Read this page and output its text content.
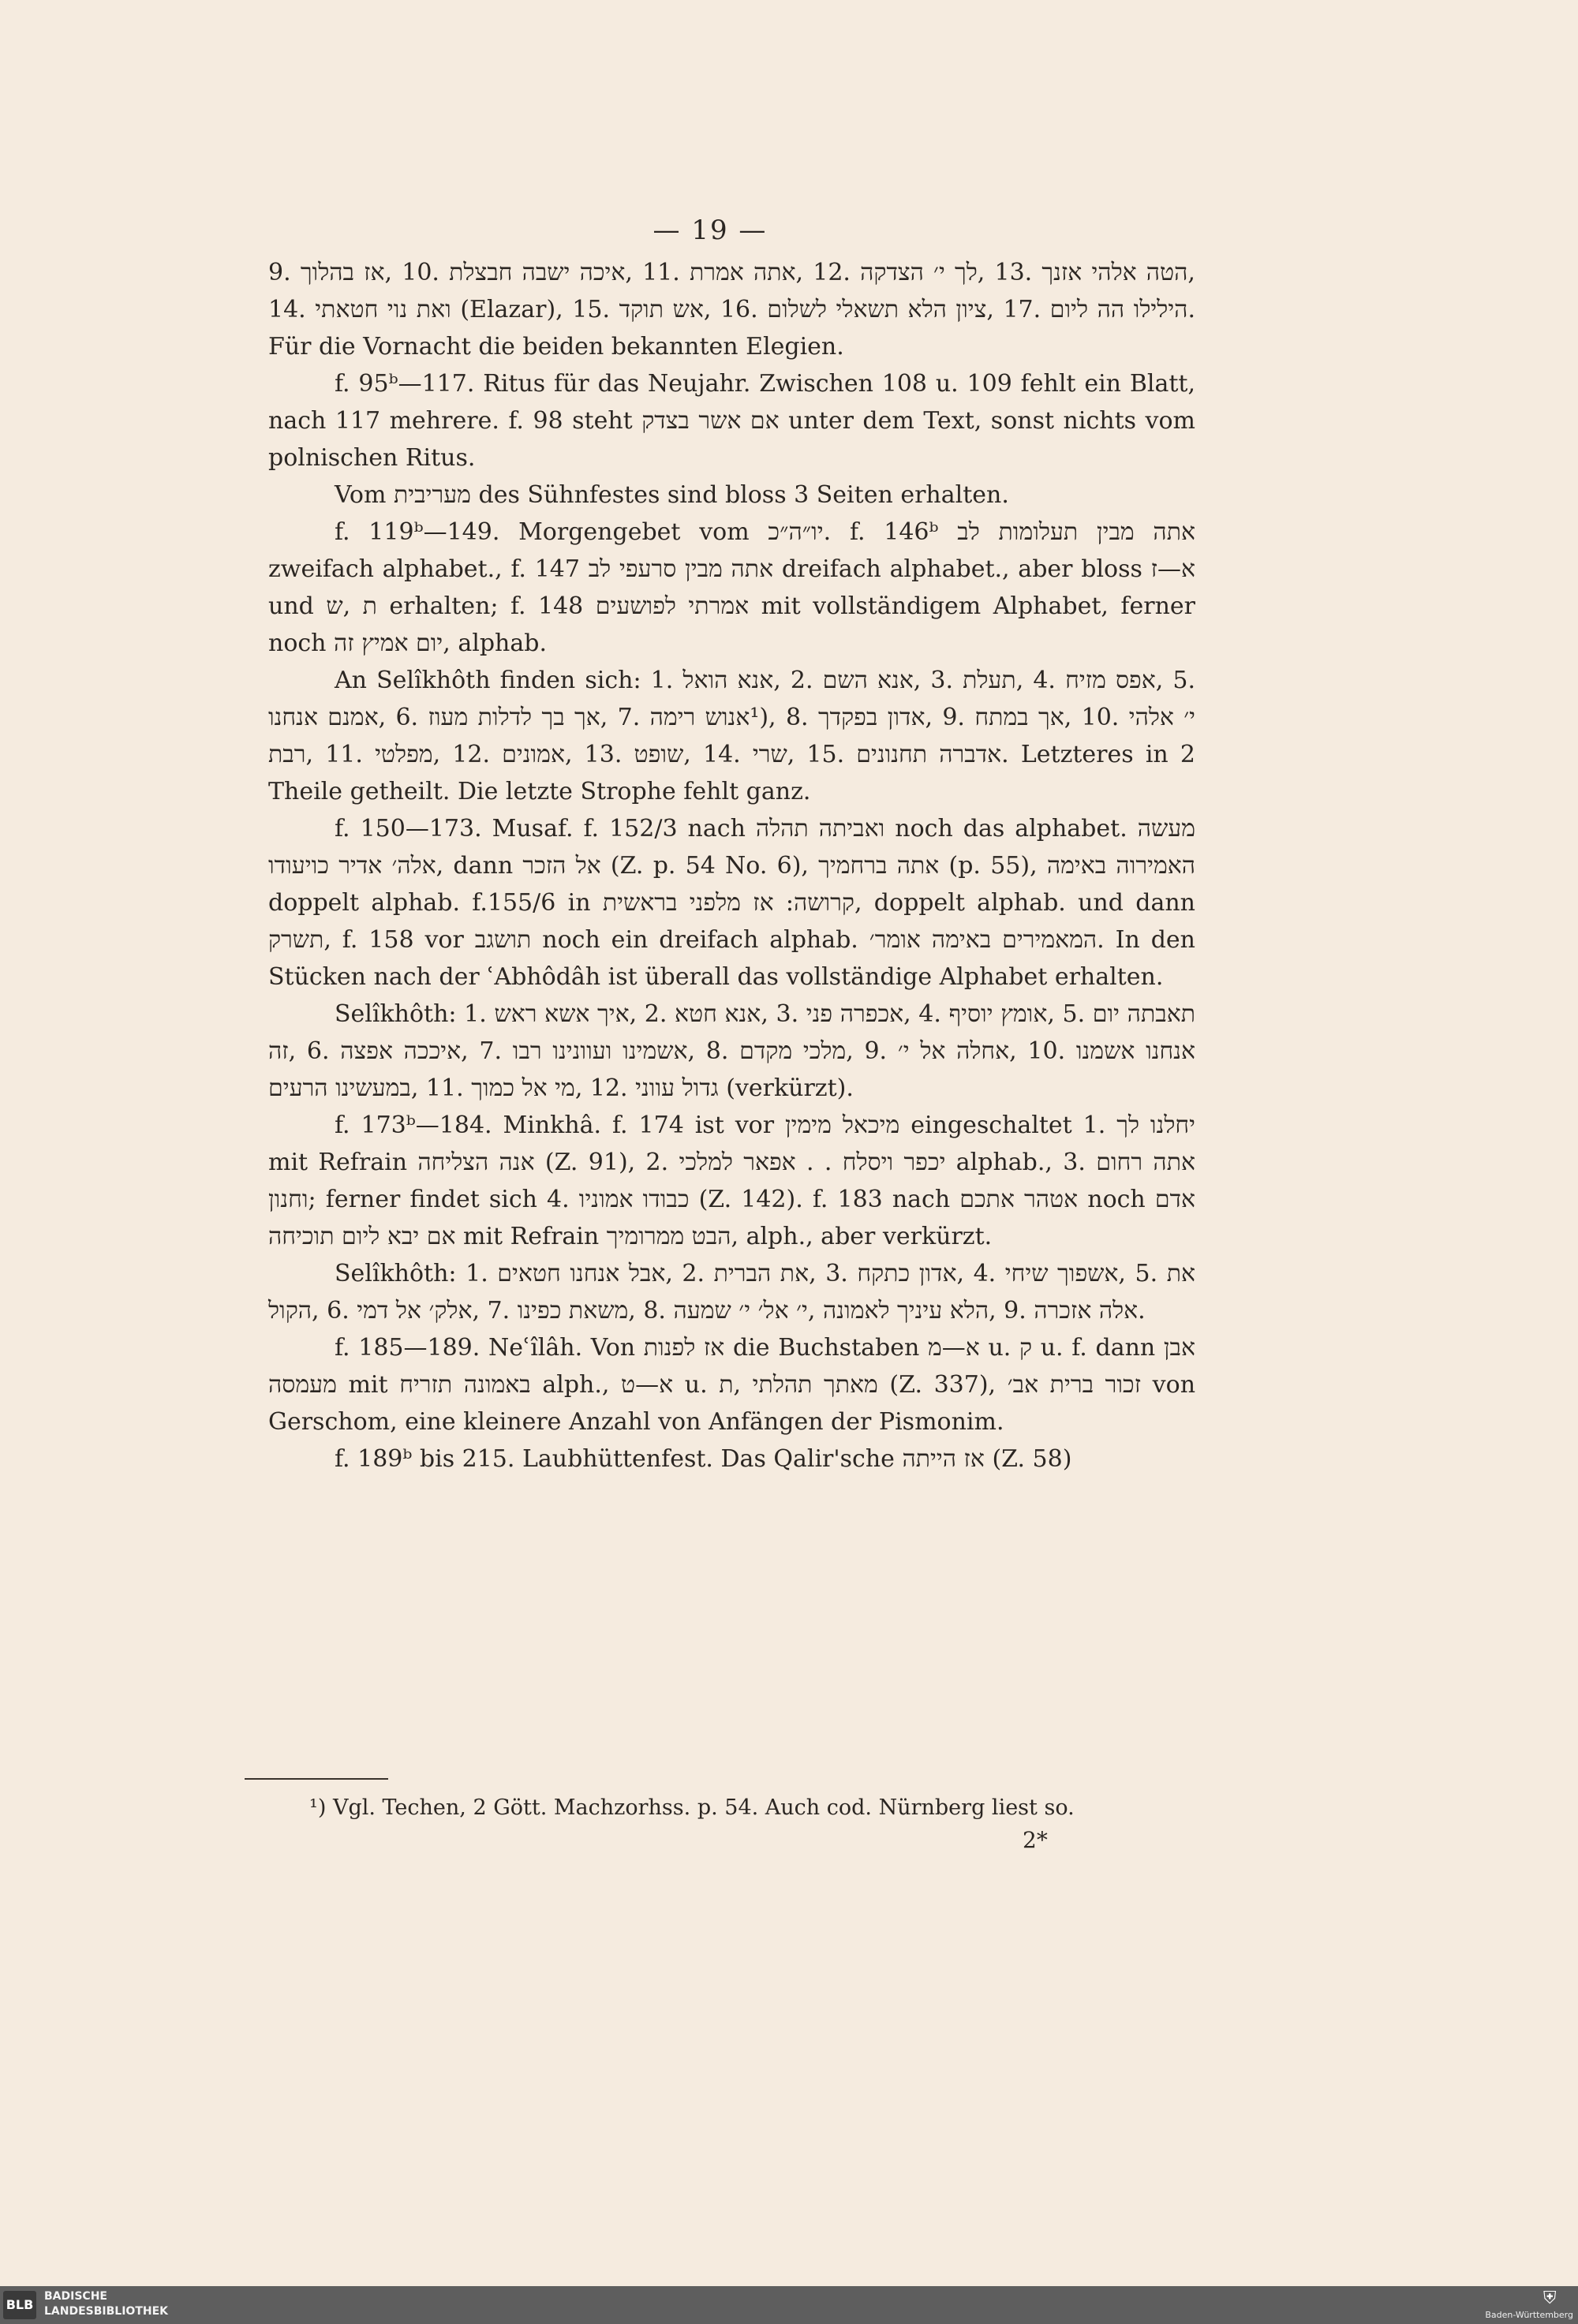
— 19 —

9. אז בהלוך, 10. איכה ישבה חבצלת, 11. אתה אמרת, 12. לך י׳ הצדקה, 13. הטה אלהי אזנך, 14. ואת נוי חטאתי (Elazar), 15. אש תוקד, 16. ציון הלא תשאלי לשלום, 17. הילילו הה ליום. Für die Vornacht die beiden bekannten Elegien.

f. 95ᵇ—117. Ritus für das Neujahr. Zwischen 108 u. 109 fehlt ein Blatt, nach 117 mehrere. f. 98 steht אם אשר בצדק unter dem Text, sonst nichts vom polnischen Ritus.

Vom מעריבית des Sühnfestes sind bloss 3 Seiten erhalten.

f. 119ᵇ—149. Morgengebet vom יו״ה״כ. f. 146ᵇ אתה מבין תעלומות לב zweifach alphabet., f. 147 אתה מבין סרעפי לב dreifach alphabet., aber bloss א—ז und ש, ת erhalten; f. 148 אמרתי לפושעים mit vollständigem Alphabet, ferner noch יום אמיץ זה, alphab.

An Selîkhôth finden sich: 1. אנא הואל, 2. אנא השם, 3. תעלת, 4. אפס מזיח, 5. אמנם אנחנו, 6. אך בך לדלות מעוז, 7. אנוש רימה¹), 8. אדון בפקדך, 9. אך במתח, 10. י׳ אלהי רבת, 11. מפלטי, 12. אמונים, 13. שופט, 14. שרי, 15. אדברה תחנונים. Letzteres in 2 Theile getheilt. Die letzte Strophe fehlt ganz.

f. 150—173. Musaf. f. 152/3 nach ואביתה תהלה noch das alphabet. מעשה אלה׳ אדיר כויעודו, dann אל הזכר (Z. p. 54 No. 6), אתה ברחמיך (p. 55), האמירוה באימה doppelt alphab. f.155/6 in קרושה: אז מלפני בראשית, doppelt alphab. und dann תשרק, f. 158 vor תושגב noch ein dreifach alphab. המאמירים באימה אומר׳. In den Stücken nach der ʿAbhôdâh ist überall das vollständige Alphabet erhalten.

Selîkhôth: 1. איך אשא ראש, 2. אנא חטא, 3. אכפרה פני, 4. אומץ יוסיף, 5. תאבתה יום זה, 6. איככה אפצה, 7. אשמינו ועוונינו רבו, 8. מלכי מקדם, 9. אחלה אל י׳, 10. אנחנו אשמנו במעשינו הרעים, 11. מי אל כמוך, 12. גדול עווני (verkürzt).

f. 173ᵇ—184. Minkhâ. f. 174 ist vor מיכאל מימין eingeschaltet 1. יחלנו לך mit Refrain אנה הצליחה (Z. 91), 2. יכפר ויסלח . . אפאר למלכי alphab., 3. אתה רחום וחנון; ferner findet sich 4. כבודו אמוניו (Z. 142). f. 183 nach אטהר אתכם noch אדם אם יבא ליום תוכיחה mit Refrain הבט ממרומיך, alph., aber verkürzt.

Selîkhôth: 1. אבל אנחנו חטאים, 2. את הברית, 3. אדון כתקח, 4. אשפוך שיחי, 5. את הקול, 6. אלק׳ אל דמי, 7. משאת כפינו, 8. י׳ אל׳ י׳ שמעה, הלא עיניך לאמונה, 9. אלה אזכרה.

f. 185—189. Neʿîlâh. Von אז לפנות die Buchstaben א—מ u. ק u. f. dann אבן מעמסה mit באמונה תזריח alph., א—ט u. ת, מאתך תהלתי (Z. 337), זכור ברית אב׳ von Gerschom, eine kleinere Anzahl von Anfängen der Pismonim.

f. 189ᵇ bis 215. Laubhüttenfest. Das Qalir'sche אז הייתה (Z. 58)

¹) Vgl. Techen, 2 Gött. Machzorhss. p. 54. Auch cod. Nürnberg liest so.
2*
BLB
BADISCHE
LANDESBIBLIOTHEK
⛨
Baden-Württemberg
